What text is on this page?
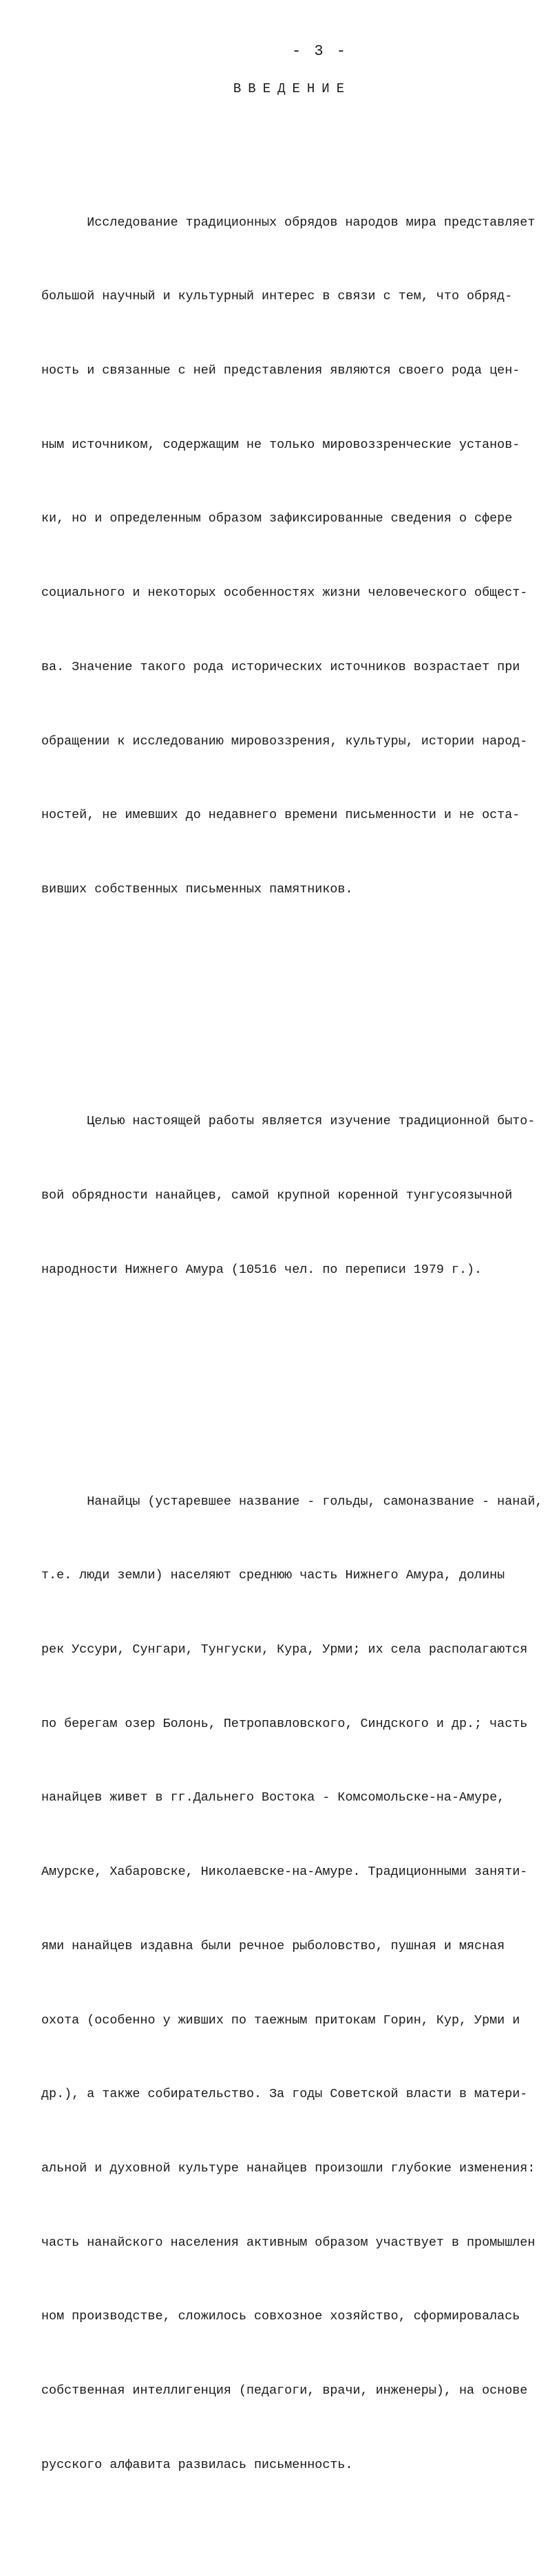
- 3 -
ВВЕДЕНИЕ

Исследование традиционных обрядов народов мира представляет

большой научный и культурный интерес в связи с тем, что обряд-

ность и связанные с ней представления являются своего рода цен-

ным источником, содержащим не только мировоззренческие установ-

ки, но и определенным образом зафиксированные сведения о сфере

социального и некоторых особенностях жизни человеческого общест-

ва. Значение такого рода исторических источников возрастает при

обращении к исследованию мировоззрения, культуры, истории народ-

ностей, не имевших до недавнего времени письменности и не оста-

вивших собственных письменных памятников.

Целью настоящей работы является изучение традиционной быто-

вой обрядности нанайцев, самой крупной коренной тунгусоязычной

народности Нижнего Амура (10516 чел. по переписи 1979 г.).

Нанайцы (устаревшее название - гольды, самоназвание - нанай,

т.е. люди земли) населяют среднюю часть Нижнего Амура, долины

рек Уссури, Сунгари, Тунгуски, Кура, Урми; их села располагаются

по берегам озер Болонь, Петропавловского, Синдского и др.; часть

нанайцев живет в гг.Дальнего Востока - Комсомольске-на-Амуре,

Амурске, Хабаровске, Николаевске-на-Амуре. Традиционными заняти-

ями нанайцев издавна были речное рыболовство, пушная и мясная

охота (особенно у живших по таежным притокам Горин, Кур, Урми и

др.), а также собирательство. За годы Советской власти в матери-

альной и духовной культуре нанайцев произошли глубокие изменения:

часть нанайского населения активным образом участвует в промышлен

ном производстве, сложилось совхозное хозяйство, сформировалась

собственная интеллигенция (педагоги, врачи, инженеры), на основе

русского алфавита развилась письменность.
